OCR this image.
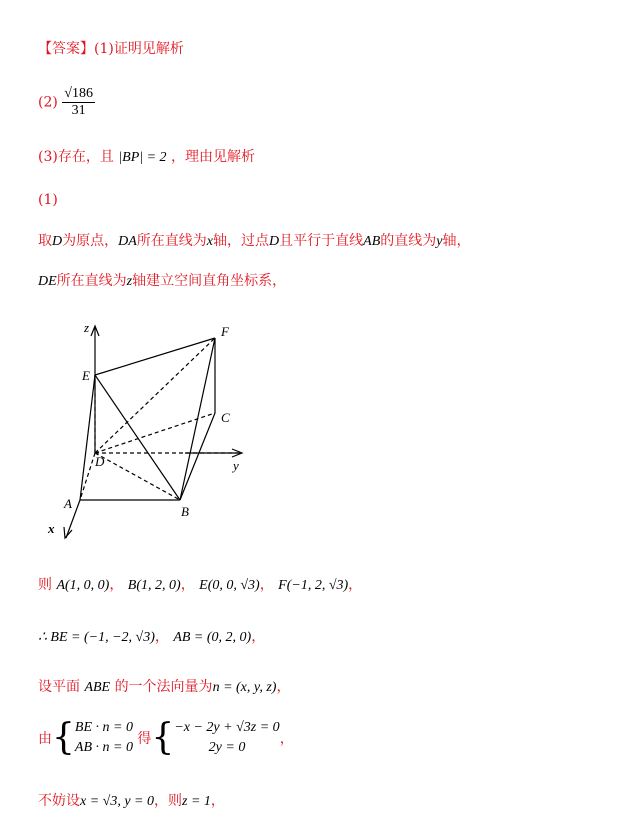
【答案】(1)证明见解析
$(2) \frac{√186}{31}$
(3)存在，且 |BP| = 2 ，理由见解析
(1)
取D为原点，DA所在直线为x轴，过点D且平行于直线AB的直线为y轴，
DE所在直线为z轴建立空间直角坐标系，
z
y
x
E
F
C
D
A
B
则 A(1, 0, 0)， B(1, 2, 0)， E(0, 0, √3)， F(−1, 2, √3)，
∴ BE = (−1, −2, √3)， AB = (0, 2, 0)，
设平面 ABE 的一个法向量为n = (x, y, z)，
由{ BE · n = 0
AB · n = 0
得{ −x − 2y + √3z = 0
2y = 0
，
不妨设x = √3, y = 0，则z = 1，
